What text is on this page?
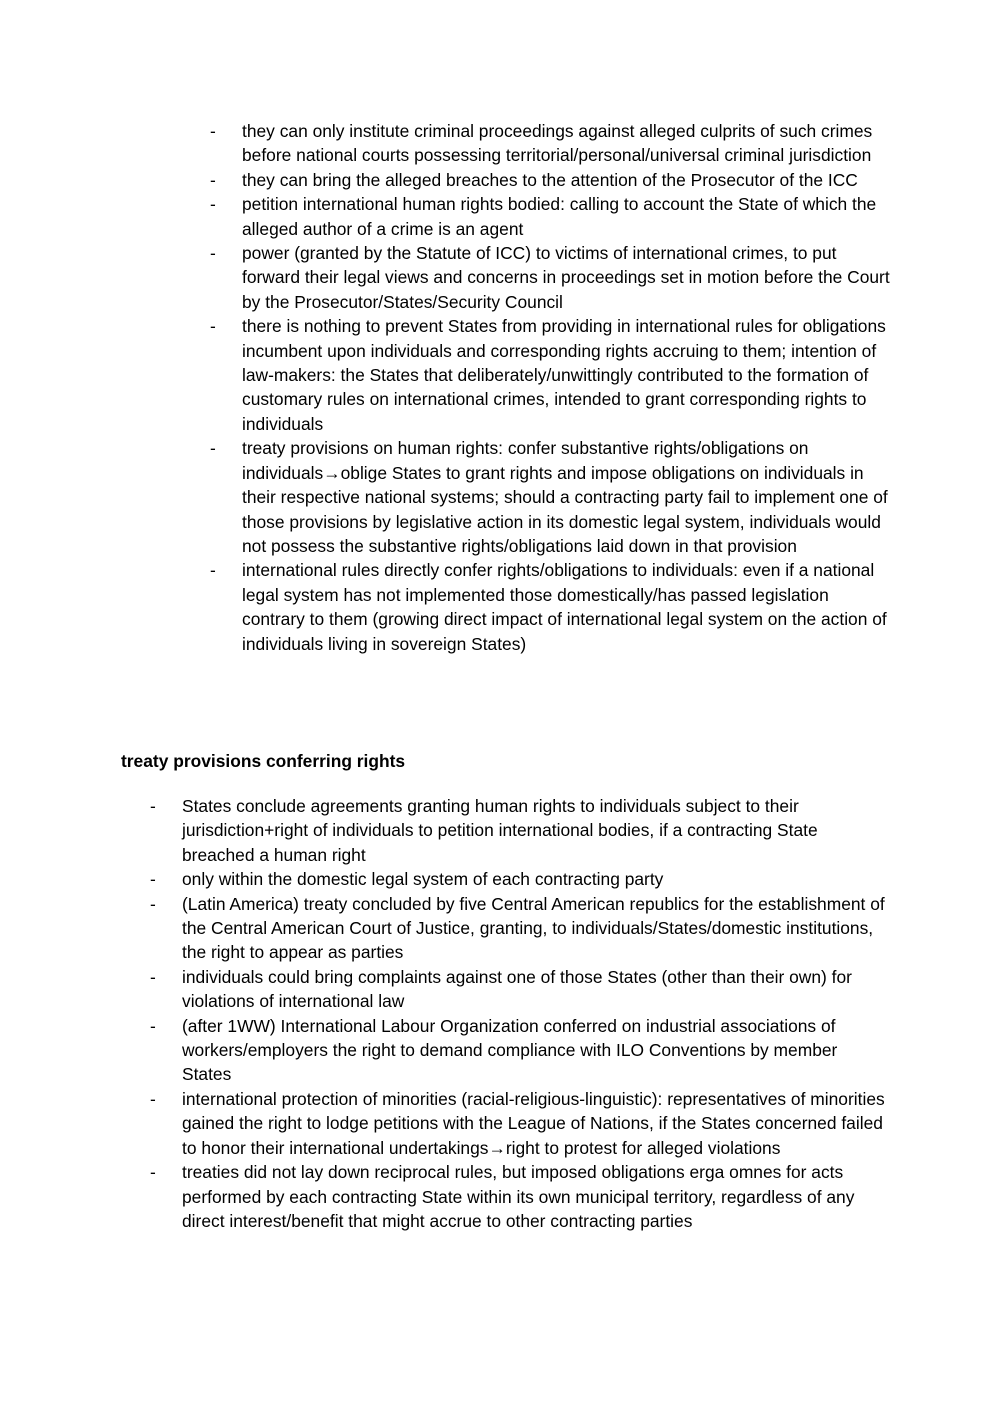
- they can only institute criminal proceedings against alleged culprits of such crimes before national courts possessing territorial/personal/universal criminal jurisdiction
- they can bring the alleged breaches to the attention of the Prosecutor of the ICC
- petition international human rights bodied: calling to account the State of which the alleged author of a crime is an agent
- power (granted by the Statute of ICC) to victims of international crimes, to put forward their legal views and concerns in proceedings set in motion before the Court by the Prosecutor/States/Security Council
- there is nothing to prevent States from providing in international rules for obligations incumbent upon individuals and corresponding rights accruing to them; intention of law-makers: the States that deliberately/unwittingly contributed to the formation of customary rules on international crimes, intended to grant corresponding rights to individuals
- treaty provisions on human rights: confer substantive rights/obligations on individuals→oblige States to grant rights and impose obligations on individuals in their respective national systems; should a contracting party fail to implement one of those provisions by legislative action in its domestic legal system, individuals would not possess the substantive rights/obligations laid down in that provision
- international rules directly confer rights/obligations to individuals: even if a national legal system has not implemented those domestically/has passed legislation contrary to them (growing direct impact of international legal system on the action of individuals living in sovereign States)
treaty provisions conferring rights
- States conclude agreements granting human rights to individuals subject to their jurisdiction+right of individuals to petition international bodies, if a contracting State breached a human right
- only within the domestic legal system of each contracting party
- (Latin America) treaty concluded by five Central American republics for the establishment of the Central American Court of Justice, granting, to individuals/States/domestic institutions, the right to appear as parties
- individuals could bring complaints against one of those States (other than their own) for violations of international law
- (after 1WW) International Labour Organization conferred on industrial associations of workers/employers the right to demand compliance with ILO Conventions by member States
- international protection of minorities (racial-religious-linguistic): representatives of minorities gained the right to lodge petitions with the League of Nations, if the States concerned failed to honor their international undertakings→right to protest for alleged violations
- treaties did not lay down reciprocal rules, but imposed obligations erga omnes for acts performed by each contracting State within its own municipal territory, regardless of any direct interest/benefit that might accrue to other contracting parties
